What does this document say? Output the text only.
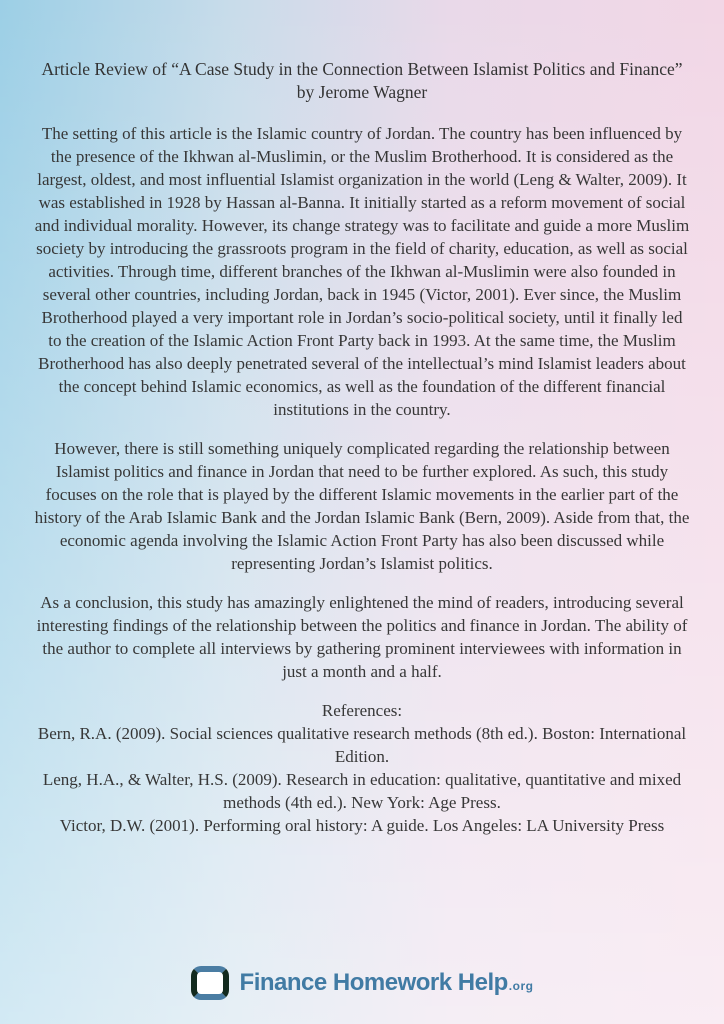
Article Review of “A Case Study in the Connection Between Islamist Politics and Finance” by Jerome Wagner

The setting of this article is the Islamic country of Jordan. The country has been influenced by the presence of the Ikhwan al-Muslimin, or the Muslim Brotherhood. It is considered as the largest, oldest, and most influential Islamist organization in the world (Leng & Walter, 2009). It was established in 1928 by Hassan al-Banna. It initially started as a reform movement of social and individual morality. However, its change strategy was to facilitate and guide a more Muslim society by introducing the grassroots program in the field of charity, education, as well as social activities. Through time, different branches of the Ikhwan al-Muslimin were also founded in several other countries, including Jordan, back in 1945 (Victor, 2001). Ever since, the Muslim Brotherhood played a very important role in Jordan’s socio-political society, until it finally led to the creation of the Islamic Action Front Party back in 1993. At the same time, the Muslim Brotherhood has also deeply penetrated several of the intellectual’s mind Islamist leaders about the concept behind Islamic economics, as well as the foundation of the different financial institutions in the country.

However, there is still something uniquely complicated regarding the relationship between Islamist politics and finance in Jordan that need to be further explored. As such, this study focuses on the role that is played by the different Islamic movements in the earlier part of the history of the Arab Islamic Bank and the Jordan Islamic Bank (Bern, 2009). Aside from that, the economic agenda involving the Islamic Action Front Party has also been discussed while representing Jordan’s Islamist politics.

As a conclusion, this study has amazingly enlightened the mind of readers, introducing several interesting findings of the relationship between the politics and finance in Jordan. The ability of the author to complete all interviews by gathering prominent interviewees with information in just a month and a half.

References:
Bern, R.A. (2009). Social sciences qualitative research methods (8th ed.). Boston: International Edition.
Leng, H.A., & Walter, H.S. (2009). Research in education: qualitative, quantitative and mixed methods (4th ed.). New York: Age Press.
Victor, D.W. (2001). Performing oral history: A guide. Los Angeles: LA University Press
Finance Homework Help .org
